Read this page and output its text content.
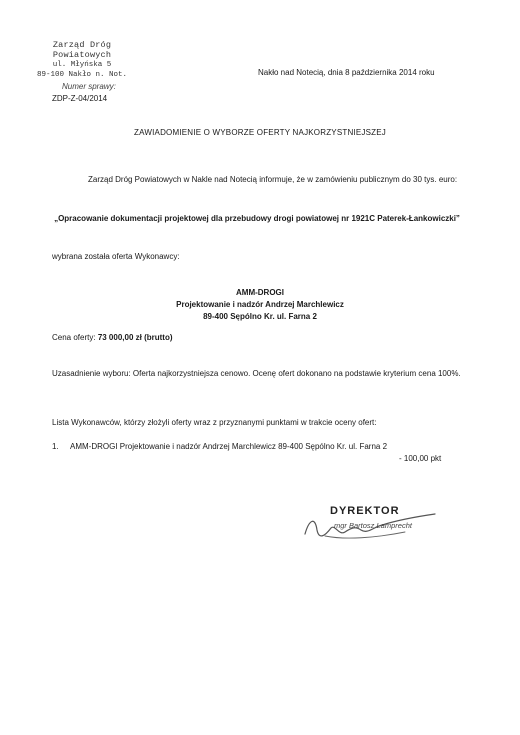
Zarząd Dróg Powiatowych
ul. Młyńska 5
89-100 Nakło n. Not.	Nakło nad Notecią, dnia 8 października 2014 roku
Numer sprawy:
ZDP-Z-04/2014
ZAWIADOMIENIE O WYBORZE OFERTY NAJKORZYSTNIEJSZEJ
Zarząd Dróg Powiatowych w Nakle nad Notecią informuje, że w zamówieniu publicznym do 30 tys. euro:
„Opracowanie dokumentacji projektowej dla przebudowy drogi powiatowej nr 1921C Paterek-Łankowiczki”
wybrana została oferta Wykonawcy:
AMM-DROGI
Projektowanie i nadzór Andrzej Marchlewicz
89-400 Sępólno Kr. ul. Farna 2
Cena oferty: 73 000,00 zł (brutto)
Uzasadnienie wyboru: Oferta najkorzystniejsza cenowo. Ocenę ofert dokonano na podstawie kryterium cena 100%.
Lista Wykonawców, którzy złożyli oferty wraz z przyznanymi punktami w trakcie oceny ofert:
1. AMM-DROGI Projektowanie i nadzór Andrzej Marchlewicz 89-400 Sępólno Kr. ul. Farna 2
- 100,00 pkt
DYREKTOR
mgr Bartosz Lamprecht
